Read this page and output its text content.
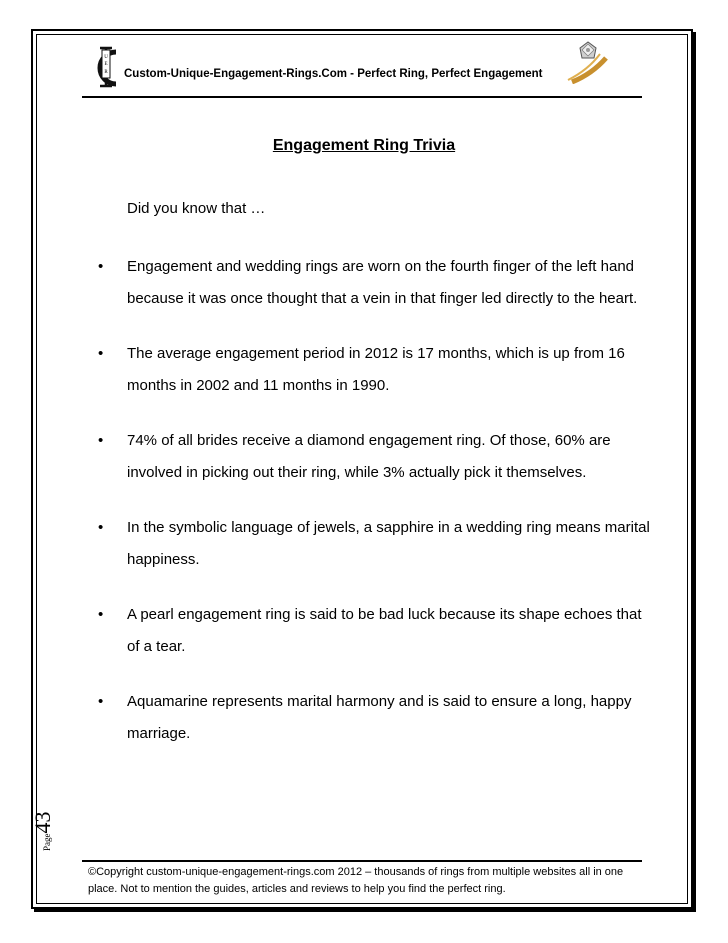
U
E
R Custom-Unique-Engagement-Rings.Com - Perfect Ring, Perfect Engagement
Engagement Ring Trivia
Did you know that …
• Engagement and wedding rings are worn on the fourth finger of the left hand because it was once thought that a vein in that finger led directly to the heart.
• The average engagement period in 2012 is 17 months, which is up from 16 months in 2002 and 11 months in 1990.
• 74% of all brides receive a diamond engagement ring. Of those, 60% are involved in picking out their ring, while 3% actually pick it themselves.
• In the symbolic language of jewels, a sapphire in a wedding ring means marital happiness.
• A pearl engagement ring is said to be bad luck because its shape echoes that of a tear.
• Aquamarine represents marital harmony and is said to ensure a long, happy marriage.
Page43
©Copyright custom-unique-engagement-rings.com 2012 – thousands of rings from multiple websites all in one place. Not to mention the guides, articles and reviews to help you find the perfect ring.
